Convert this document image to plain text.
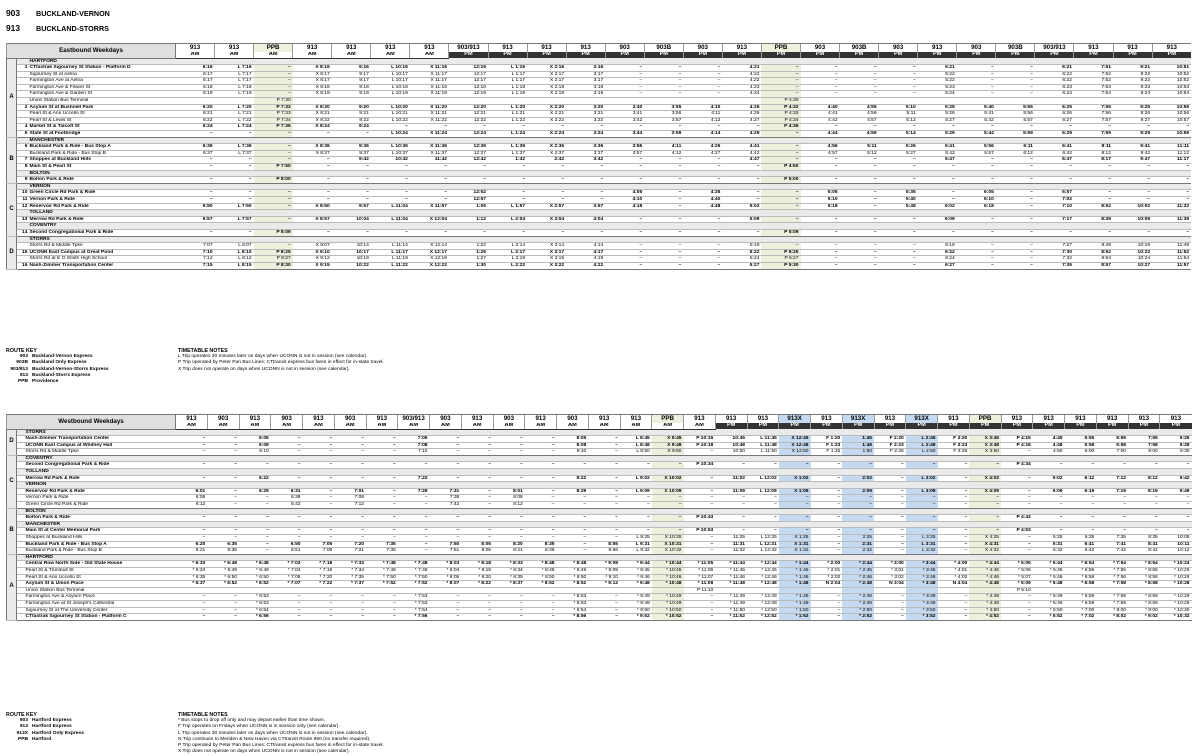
903 BUCKLAND-VERNON
913 BUCKLAND-STORRS
Eastbound Weekdays			913	913	PPB	913	913	913	913	903/913	913	913	913	903	903B	903	913	PPB	903	903B	903	913	903	903B	903/913	913	913	913
			AM	AM	AM	AM	AM	AM	AM	PM	PM	PM	PM	PM	PM	PM	PM	PM	PM	PM	PM	PM	PM	PM	PM	PM	PM	PM
A		HARTFORD																										
	1	CTfastrak Sigourney St Station - Platform D	6:16	L 7:16	–	X 8:16	9:16	L 10:16	X 11:16	12:16	L 1:16	X 2:16	3:16	–	–	–	4:21	–	–	–	–	5:21	–	–	6:21	7:51	9:21	10:51
		Sigourney St at Aetna	6:17	L 7:17	–	X 8:17	9:17	L 10:17	X 11:17	12:17	L 1:17	X 2:17	3:17	–	–	–	4:22	–	–	–	–	5:22	–	–	6:22	7:52	9:22	10:52
		Farmington Ave at Aetna	6:17	L 7:17	–	X 8:17	9:17	L 10:17	X 11:17	12:17	L 1:17	X 2:17	3:17	–	–	–	4:22	–	–	–	–	5:22	–	–	6:22	7:52	9:22	10:52
		Farmington Ave & Flower St	6:18	L 7:18	–	X 8:18	9:18	L 10:18	X 11:18	12:18	L 1:18	X 2:18	3:18	–	–	–	4:23	–	–	–	–	5:23	–	–	6:23	7:53	9:23	10:53
		Farmington Ave & Garden St	6:19	L 7:19	–	X 8:19	9:19	L 10:19	X 11:19	12:19	L 1:19	X 2:19	3:19	–	–	–	4:24	–	–	–	–	5:24	–	–	6:24	7:54	9:24	10:54
		Union Station Bus Terminal			P 7:30													P 4:30										
	2	Asylum St at Bushnell Park	6:20	L 7:20	P 7:32	X 8:20	9:20	L 10:20	X 11:20	12:20	L 1:20	X 2:20	3:20	3:40	3:55	4:10	4:25	P 4:32	4:40	4:55	5:10	5:25	5:40	5:55	6:25	7:55	9:25	10:55
		Pearl St & Ann Uccello St	6:21	L 7:21	P 7:33	X 8:21	9:21	L 10:21	X 11:21	12:21	L 1:21	X 2:21	3:21	3:41	3:56	4:11	4:26	P 4:33	4:41	4:56	5:11	5:26	5:41	5:56	6:26	7:56	9:26	10:56
		Pearl St & Lewis St	6:22	L 7:22	P 7:34	X 8:22	9:22	L 10:22	X 11:22	12:22	L 1:22	X 2:22	3:22	3:42	3:57	4:12	4:27	P 4:34	4:42	4:57	5:12	5:27	5:42	5:57	6:27	7:57	9:27	10:57
	4	Market St & Talcott St	6:24	L 7:24	P 7:36	X 8:24	9:24	–	–	–	–	–	–	–	–	–	–	P 4:36	–	–	–	–	–	–	–	–	–	–
	5	State St at Footbridge	–	–	–	–	–	L 10:24	X 11:24	12:24	L 1:24	X 2:24	3:24	3:44	3:59	4:14	4:29	–	4:44	4:59	5:14	5:29	5:44	5:59	6:29	7:59	9:29	10:59
B		MANCHESTER																										
	6	Buckland Park & Ride - Bus Stop A	6:36	L 7:36	–	X 8:36	9:36	L 10:36	X 11:36	12:36	L 1:36	X 2:36	3:36	3:56	4:11	4:26	4:41	–	4:56	5:11	5:26	5:41	5:56	6:11	6:41	8:11	9:41	11:11
		Buckland Park & Ride - Bus Stop B	6:37	L 7:37	–	X 8:37	9:37	L 10:37	X 11:37	12:37	L 1:37	X 2:37	3:37	3:57	4:12	4:27	4:42	–	4:57	5:12	5:27	5:42	5:57	6:12	6:42	8:12	9:42	11:12
	7	Shoppes at Buckland Hills	–	–	–	–	9:42	10:42	11:42	12:42	1:42	2:42	3:42	–	–	–	4:47	–	–	–	–	5:47	–	–	6:47	8:17	9:47	11:17
	8	Main St & Pearl St	–	–	P 7:50	–	–	–	–	–	–	–	–	–	–	–	–	P 4:50	–	–	–	–	–	–	–	–	–	–
		BOLTON																										
	9	Bolton Park & Ride	–	–	P 8:00	–	–	–	–	–	–	–	–	–	–	–	–	P 5:00	–	–	–	–	–	–	–	–	–	–
C		VERNON																										
	10	Green Circle Rd Park & Ride	–	–	–	–	–	–	–	12:52	–	–	–	4:05	–	4:35	–	–	5:05	–	5:35	–	6:05	–	6:57	–	–	–
	11	Vernon Park & Ride	–	–	–	–	–	–	–	12:57	–	–	–	4:10	–	4:40	–	–	5:10	–	5:40	–	6:10	–	7:02	–	–	–
	12	Reservoir Rd Park & Ride	6:50	L 7:50	–	X 8:50	9:57	L 11:04	X 11:57	1:05	L 1:57	X 2:57	3:57	4:18	–	4:48	5:02	–	5:18	–	5:48	6:02	6:18	–	7:10	8:52	10:02	11:32
		TOLLAND																										
	13	Merrow Rd Park & Ride	6:57	L 7:57	–	X 8:57	10:04	L 11:04	X 12:04	1:12	L 2:04	X 3:04	4:04	–	–	–	5:09	–	–	–	–	6:09	–	–	7:17	8:39	10:09	11:39
		COVENTRY																										
	14	Second Congregational Park & Ride	–	–	P 8:09	–	–	–	–	–	–	–	–	–	–	–	–	P 5:09	–	–	–	–	–	–	–	–	–	–
D		STORRS																										
		Storrs Rd & Middle Tpke	7:07	L 8:07	–	X 9:07	10:14	L 11:14	X 12:14	1:22	L 2:14	X 3:14	4:14	–	–	–	5:19	–	–	–	–	6:19	–	–	7:27	8:49	10:19	11:49
	15	UCONN East Campus at Great Pond	7:10	L 8:10	P 8:25	X 9:10	10:17	L 11:17	X 12:17	1:25	L 2:17	X 3:17	4:17	–	–	–	5:22	P 5:25	–	–	–	6:22	–	–	7:30	8:52	10:22	11:52
		Storrs Rd at E O Smith High School	7:12	L 8:12	P 8:27	X 9:12	10:19	L 11:19	X 12:19	1:27	L 2:19	X 3:19	4:19	–	–	–	5:24	P 5:27	–	–	–	6:24	–	–	7:32	8:54	10:24	11:54
	16	Nash-Zimmer Transportation Center	7:15	L 8:15	P 8:30	X 9:15	10:22	L 11:22	X 12:22	1:30	L 2:22	X 3:22	4:22	–	–	–	5:27	P 5:30	–	–	–	6:27	–	–	7:35	8:57	10:27	11:57
ROUTE KEY
903 Buckland-Vernon Express
903B Buckland Only Express
903/913 Buckland-Vernon-Storrs Express
913 Buckland-Storrs Express
PPB Providence
TIMETABLE NOTES
L Trip operates 30 minutes later on days when UCONN is not in session (see calendar).
P Trip operated by Peter Pan Bus Lines; CTtransit express bus fares in effect for in-state travel.
X Trip does not operate on days when UCONN is not in session (see calendar).
Westbound Weekdays			913	903	913	903	913	903	913	903/913	903	913	903	913	903	913	913	PPB	913	913	913	913X	913	913X	913	913X	913	PPB	913	913	913	913	913	913	
			AM	AM	AM	AM	AM	AM	AM	AM	AM	AM	AM	AM	AM	AM	AM	AM	AM	PM	PM	PM	PM	PM	PM	PM	PM	PM	PM	PM	PM	PM	PM	PM	
D		STORRS																																	
		Nash-Zimmer Transportation Center	–	–	6:05	–	–	–	–	7:05	–	–	–	–	8:05	–	L 8:45	X 9:45	P 10:15	10:45	L 11:45	X 12:45	F 1:20	1:45	F 2:20	L 2:45	F 3:20	X 3:45	P 4:15	4:45	5:55	6:55	7:55	9:25	
		UCONN East Campus at Whitney Hall	–	–	6:08	–	–	–	–	7:08	–	–	–	–	8:08	–	L 8:48	X 9:48	P 10:18	10:48	L 11:48	X 12:48	F 1:23	1:48	F 2:23	L 2:48	F 3:23	X 3:48	P 4:18	4:48	5:58	6:58	7:58	9:28	
		Storrs Rd & Middle Tpke	–	–	6:10	–	–	–	–	7:10	–	–	–	–	8:10	–	L 8:50	X 9:50	–	10:50	L 11:50	X 12:50	F 1:25	1:50	F 2:25	L 2:50	F 3:25	X 3:50	–	4:50	6:00	7:00	8:00	9:30	
C		COVENTRY																																	
		Second Congregational Park & Ride	–	–	–	–	–	–	–	–	–	–	–	–	–	–	–	–	P 10:34	–	–	–	–	–	–	–	–	–	P 4:34	–	–	–	–	–	
		TOLLAND																																	
		Merrow Rd Park & Ride	–	–	6:22	–	–	–	–	7:22	–	–	–	–	8:22	–	L 9:02	X 10:02	–	11:02	L 12:02	X 1:02	–	2:02	–	L 3:02	–	X 4:02	–	5:02	6:12	7:12	8:12	9:42	
		VERNON																																	
		Reservoir Rd Park & Ride	6:01	–	6:29	6:31	–	7:01	–	7:29	7:31	–	8:01	–	8:29	–	L 9:09	X 10:09	–	11:09	L 12:09	X 1:09	–	2:09	–	L 3:09	–	X 4:09	–	5:09	6:19	7:19	8:19	9:49	
		Vernon Park & Ride	6:08	–	–	6:38	–	7:08	–	–	7:38	–	8:08	–	–	–	–	–	–	–	–	–	–	–	–	–	–	–	–	–	–	–	–	–	
		Green Circle Rd Park & Ride	6:12	–	–	6:42	–	7:12	–	–	7:42	–	8:12	–	–	–	–	–	–	–	–	–	–	–	–	–	–	–	–	–	–	–	–	–	
B		BOLTON																																	
		Bolton Park & Ride	–	–	–	–	–	–	–	–	–	–	–	–	–	–	–	–	P 10:43	–	–	–	–	–	–	–	–	–	P 4:43	–	–	–	–	–	
		MANCHESTER																																	
		Main St at Center Memorial Park	–	–	–	–	–	–	–	–	–	–	–	–	–	–	–	–	P 10:53	–	–	–	–	–	–	–	–	–	P 4:53	–	–	–	–	–	
		Shoppes at Buckland Hills	–	–	–	–	–	–	–	–	–	–	–	–	–	–	L 9:25	X 10:25	–	11:25	L 12:25	X 1:25	–	2:25	–	L 3:25	–	X 4:25	–	5:25	6:35	7:35	8:35	10:05	
		Buckland Park & Ride - Bus Stop A	6:20	6:35	–	6:50	7:05	7:20	7:35	–	7:50	8:05	8:20	8:35	–	8:55	L 9:31	X 10:31	–	11:31	L 12:31	X 1:31	–	2:31	–	L 3:31	–	X 4:31	–	5:31	6:41	7:41	8:41	10:11	
		Buckland Park & Ride - Bus Stop B	6:21	6:36	–	6:51	7:06	7:21	7:36	–	7:51	8:06	8:21	8:36	–	8:56	L 9:32	X 10:32	–	11:32	L 12:32	X 1:32	–	2:32	–	L 3:32	–	X 4:32	–	5:32	6:42	7:42	8:42	10:12	
A		HARTFORD																																	
		Central Row North Side - Old State House	* 6:33	* 6:48	* 6:48	* 7:03	* 7:18	* 7:33	* 7:48	* 7:48	* 8:03	* 8:18	* 8:33	* 8:48	* 8:48	* 9:08	* 9:44	* 10:44	* 11:05	* 11:44	* 12:44	* 1:44	* 2:00	* 2:44	* 3:00	* 3:44	* 4:00	* 4:44	* 5:05	* 5:44	* 6:54	* 7:54	* 8:54	* 10:24	
		Pearl St & Trumbull St	* 6:34	* 6:49	* 6:49	* 7:04	* 7:19	* 7:34	* 7:49	* 7:49	* 8:04	* 8:19	* 8:34	* 8:49	* 8:49	* 9:09	* 9:45	* 10:45	* 11:06	* 11:45	* 12:45	* 1:45	* 2:01	* 2:45	* 3:01	* 3:45	* 4:01	* 4:45	* 5:06	* 5:45	* 6:55	* 7:55	* 8:55	* 10:25	
		Pearl St & Ann Uccello St	* 6:35	* 6:50	* 6:50	* 7:05	* 7:20	* 7:35	* 7:50	* 7:50	* 8:05	* 8:20	* 8:35	* 8:50	* 8:50	* 9:10	* 9:46	* 10:46	* 11:07	* 11:46	* 12:46	* 1:46	* 2:02	* 2:46	* 3:02	* 3:46	* 4:02	* 4:46	* 5:07	* 5:46	* 6:56	* 7:56	* 8:56	* 10:26	
		Asylum St & Union Place	* 6:37	* 6:52	* 6:52	* 7:07	* 7:22	* 7:37	* 7:52	* 7:52	* 8:07	* 8:22	* 8:37	* 8:52	* 8:52	* 9:12	* 9:48	* 10:48	* 11:08	* 11:48	* 12:48	* 1:48	N 2:04	* 2:48	N 3:04	* 3:48	N 4:04	* 4:48	* 5:09	* 5:48	* 6:58	* 7:58	* 8:58	* 10:28	
		Union Station Bus Terminal																	P 11:10										P 5:10						
		Farmington Ave & Asylum Place	–	–	* 6:53	–	–	–	–	* 7:53	–	–	–	–	* 8:53	–	* 9:49	* 10:49	–	* 11:49	* 12:49	* 1:49	–	* 2:49	–	* 3:49	–	* 4:49	–	* 5:49	* 6:59	* 7:59	* 8:59	* 10:29	
		Farmington Ave at St Joseph's Cathedral	–	–	* 6:53	–	–	–	–	* 7:53	–	–	–	–	* 8:53	–	* 9:49	* 10:49	–	* 11:49	* 12:49	* 1:49	–	* 2:49	–	* 3:49	–	* 4:49	–	* 5:49	* 6:59	* 7:59	* 8:59	* 10:29	
		Sigourney St at The University Center	–	–	* 6:54	–	–	–	–	* 7:54	–	–	–	–	* 8:54	–	* 9:50	* 10:50	–	* 11:50	* 12:50	* 1:50	–	* 2:50	–	* 3:50	–	* 4:50	–	* 5:50	* 7:00	* 8:00	* 9:00	* 10:30	
		CTfastrak Sigourney St Station - Platform C	–	–	* 6:56	–	–	–	–	* 7:56	–	–	–	–	* 8:56	–	* 9:52	* 10:52	–	* 11:52	* 12:52	* 1:52	–	* 2:52	–	* 3:52	–	* 4:52	–	* 5:52	* 7:02	* 8:02	* 9:02	* 10:32	
ROUTE KEY
903 Hartford Express
913 Hartford Express
913X Hartford Only Express
PPB Hartford
TIMETABLE NOTES
* Bus stops to drop off only and may depart earlier than time shown.
F Trip operates on Fridays when UCONN is in session only (see calendar).
L Trip operates 30 minutes later on days when UCONN is not in session (see calendar).
N Trip continues to Meriden & New Haven via CTtransit Route 950 (no transfer required).
P Trip operated by Peter Pan Bus Lines; CTtransit express bus fares in effect for in-state travel.
X Trip does not operate on days when UCONN is not in session (see calendar).
